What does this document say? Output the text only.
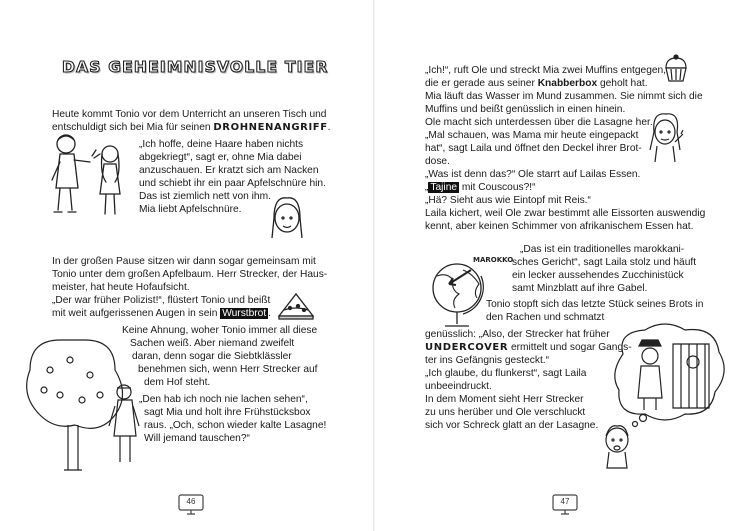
DAS GEHEIMNISVOLLE TIER
Heute kommt Tonio vor dem Unterricht an unseren Tisch und
entschuldigt sich bei Mia für seinen DROHNENANGRIFF.
„Ich hoffe, deine Haare haben nichts
abgekriegt“, sagt er, ohne Mia dabei
anzuschauen. Er kratzt sich am Nacken
und schiebt ihr ein paar Apfelschnüre hin.
Das ist ziemlich nett von ihm.
Mia liebt Apfelschnüre.
In der großen Pause sitzen wir dann sogar gemeinsam mit
Tonio unter dem großen Apfelbaum. Herr Strecker, der Haus-
meister, hat heute Hofaufsicht.
„Der war früher Polizist!“, flüstert Tonio und beißt
mit weit aufgerissenen Augen in sein Wurstbrot .
Keine Ahnung, woher Tonio immer all diese
Sachen weiß. Aber niemand zweifelt
daran, denn sogar die Siebtklässler
benehmen sich, wenn Herr Strecker auf
dem Hof steht.
„Den hab ich noch nie lachen sehen“,
sagt Mia und holt ihre Frühstücksbox
raus. „Och, schon wieder kalte Lasagne!
Will jemand tauschen?“
46
„Ich!“, ruft Ole und streckt Mia zwei Muffins entgegen,
die er gerade aus seiner Knabberbox geholt hat.
Mia läuft das Wasser im Mund zusammen. Sie nimmt sich die
Muffins und beißt genüsslich in einen hinein.
Ole macht sich unterdessen über die Lasagne her.
„Mal schauen, was Mama mir heute eingepackt
hat“, sagt Laila und öffnet den Deckel ihrer Brot-
dose.
„Was ist denn das?“ Ole starrt auf Lailas Essen.
„ Tajine mit Couscous?!“
„Hä? Sieht aus wie Eintopf mit Reis.“
Laila kichert, weil Ole zwar bestimmt alle Eissorten auswendig
kennt, aber keinen Schimmer von afrikanischem Essen hat.
„Das ist ein traditionelles marokkani-
sches Gericht“, sagt Laila stolz und häuft
ein lecker aussehendes Zucchinistück
samt Minzblatt auf ihre Gabel.
Tonio stopft sich das letzte Stück seines Brots in
den Rachen und schmatzt
genüsslich: „Also, der Strecker hat früher
UNDERCOVER ermittelt und sogar Gangs-
ter ins Gefängnis gesteckt.“
„Ich glaube, du flunkerst“, sagt Laila
unbeeindruckt.
In dem Moment sieht Herr Strecker
zu uns herüber und Ole verschluckt
sich vor Schreck glatt an der Lasagne.
MAROKKO
47
